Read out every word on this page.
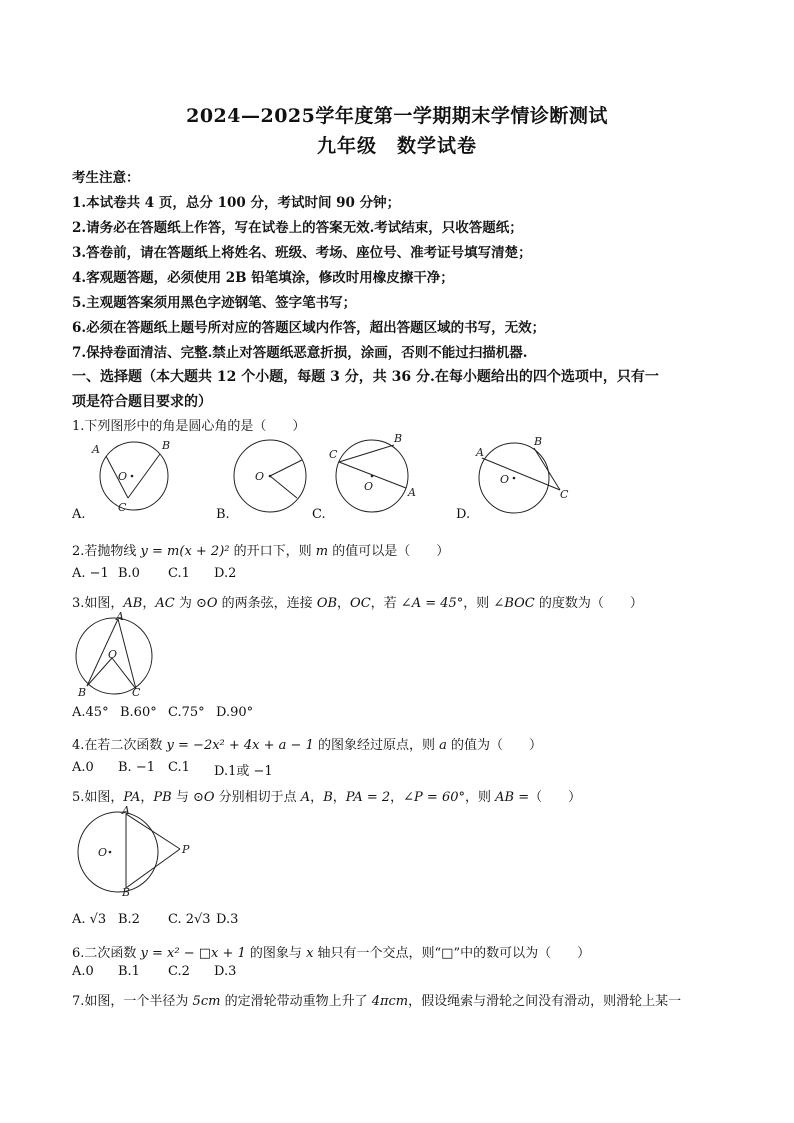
2024—2025学年度第一学期期末学情诊断测试
九年级　数学试卷
考生注意：
1.本试卷共 4 页，总分 100 分，考试时间 90 分钟；
2.请务必在答题纸上作答，写在试卷上的答案无效.考试结束，只收答题纸；
3.答卷前，请在答题纸上将姓名、班级、考场、座位号、准考证号填写清楚；
4.客观题答题，必须使用 2B 铅笔填涂，修改时用橡皮擦干净；
5.主观题答案须用黑色字迹钢笔、签字笔书写；
6.必须在答题纸上题号所对应的答题区域内作答，超出答题区域的书写，无效；
7.保持卷面清洁、完整.禁止对答题纸恶意折损，涂画，否则不能过扫描机器.
一、选择题（本大题共 12 个小题，每题 3 分，共 36 分.在每小题给出的四个选项中，只有一
项是符合题目要求的）
1.下列图形中的角是圆心角的是（　　）
A	B
O
C
A.
O
B.
B
C
O	A
C.
A
B
O
C
D.
2.若抛物线 y = m(x + 2)² 的开口下，则 m 的值可以是（　　）
A. −1 B.0 C.1 D.2
3.如图，AB，AC 为 ⊙O 的两条弦，连接 OB，OC，若 ∠A = 45°，则 ∠BOC 的度数为（　　）
A
O
B	C
A.45° B.60° C.75° D.90°
4.在若二次函数 y = −2x² + 4x + a − 1 的图象经过原点，则 a 的值为（　　）
A.0 B. −1 C.1 D.1或 −1
5.如图，PA，PB 与 ⊙O 分别相切于点 A，B，PA = 2，∠P = 60°，则 AB =（　　）
A
O	P
B
A. √3 B.2 C. 2√3 D.3
6.二次函数 y = x² − □x + 1 的图象与 x 轴只有一个交点，则“□”中的数可以为（　　）
A.0 B.1 C.2 D.3
7.如图，一个半径为 5cm 的定滑轮带动重物上升了 4πcm，假设绳索与滑轮之间没有滑动，则滑轮上某一
